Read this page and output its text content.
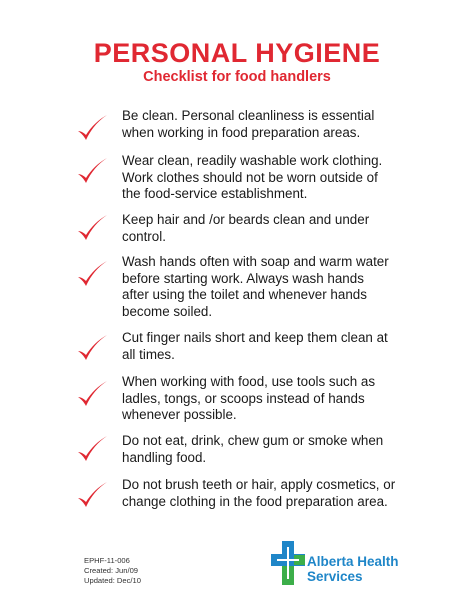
PERSONAL HYGIENE
Checklist for food handlers

Be clean. Personal cleanliness is essential
when working in food preparation areas.

Wear clean, readily washable work clothing.
Work clothes should not be worn outside of
the food-service establishment.

Keep hair and /or beards clean and under
control.

Wash hands often with soap and warm water
before starting work. Always wash hands
after using the toilet and whenever hands
become soiled.

Cut finger nails short and keep them clean at
all times.

When working with food, use tools such as
ladles, tongs, or scoops instead of hands
whenever possible.

Do not eat, drink, chew gum or smoke when
handling food.

Do not brush teeth or hair, apply cosmetics, or
change clothing in the food preparation area.

EPHF-11-006
Created: Jun/09
Updated: Dec/10
Alberta Health
Services
